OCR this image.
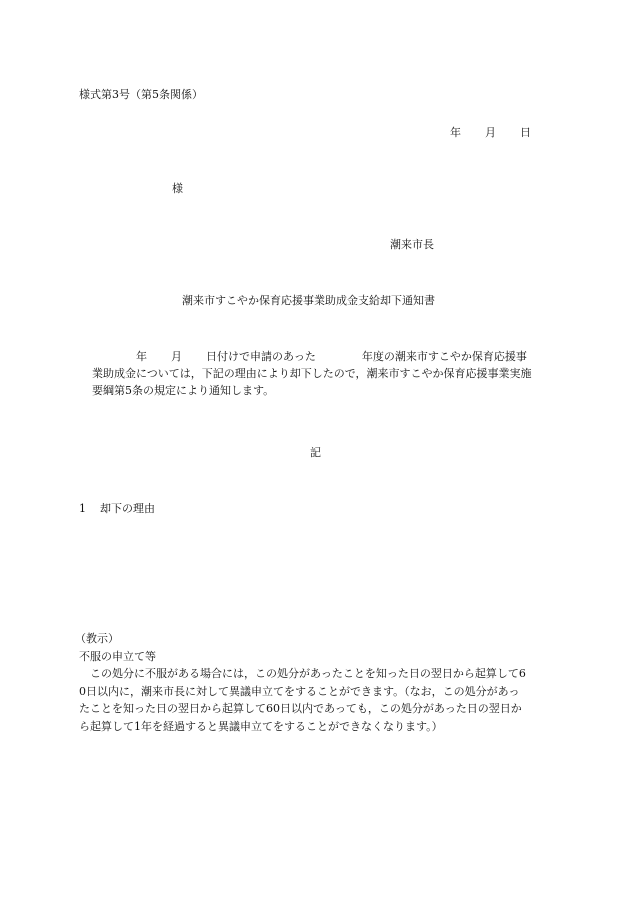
様式第3号（第5条関係）
年 月 日
様
潮来市長
潮来市すこやか保育応援事業助成金支給却下通知書
年 月 日付けで申請のあった	年度の潮来市すこやか保育応援事
業助成金については，下記の理由により却下したので，潮来市すこやか保育応援事業実施
要綱第5条の規定により通知します。
記
1 却下の理由
（教示）
不服の申立て等
　この処分に不服がある場合には，この処分があったことを知った日の翌日から起算して6
0日以内に，潮来市長に対して異議申立てをすることができます。（なお，この処分があっ
たことを知った日の翌日から起算して60日以内であっても，この処分があった日の翌日か
ら起算して1年を経過すると異議申立てをすることができなくなります。）
